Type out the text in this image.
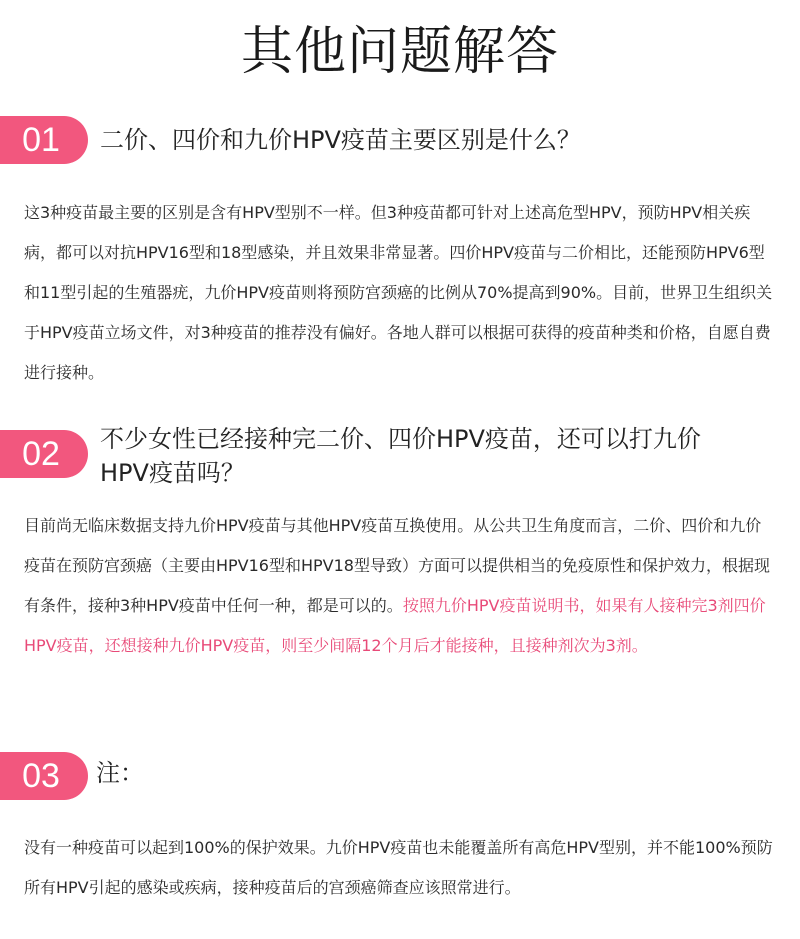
其他问题解答
01	二价、四价和九价HPV疫苗主要区别是什么？

这3种疫苗最主要的区别是含有HPV型别不一样。但3种疫苗都可针对上述高危型HPV，预防HPV相关疾病，都可以对抗HPV16型和18型感染，并且效果非常显著。四价HPV疫苗与二价相比，还能预防HPV6型和11型引起的生殖器疣，九价HPV疫苗则将预防宫颈癌的比例从70%提高到90%。目前，世界卫生组织关于HPV疫苗立场文件，对3种疫苗的推荐没有偏好。各地人群可以根据可获得的疫苗种类和价格，自愿自费进行接种。

02	不少女性已经接种完二价、四价HPV疫苗，还可以打九价HPV疫苗吗？

目前尚无临床数据支持九价HPV疫苗与其他HPV疫苗互换使用。从公共卫生角度而言，二价、四价和九价疫苗在预防宫颈癌（主要由HPV16型和HPV18型导致）方面可以提供相当的免疫原性和保护效力，根据现有条件，接种3种HPV疫苗中任何一种，都是可以的。按照九价HPV疫苗说明书，如果有人接种完3剂四价HPV疫苗，还想接种九价HPV疫苗，则至少间隔12个月后才能接种，且接种剂次为3剂。

03	注：

没有一种疫苗可以起到100%的保护效果。九价HPV疫苗也未能覆盖所有高危HPV型别，并不能100%预防所有HPV引起的感染或疾病，接种疫苗后的宫颈癌筛查应该照常进行。
